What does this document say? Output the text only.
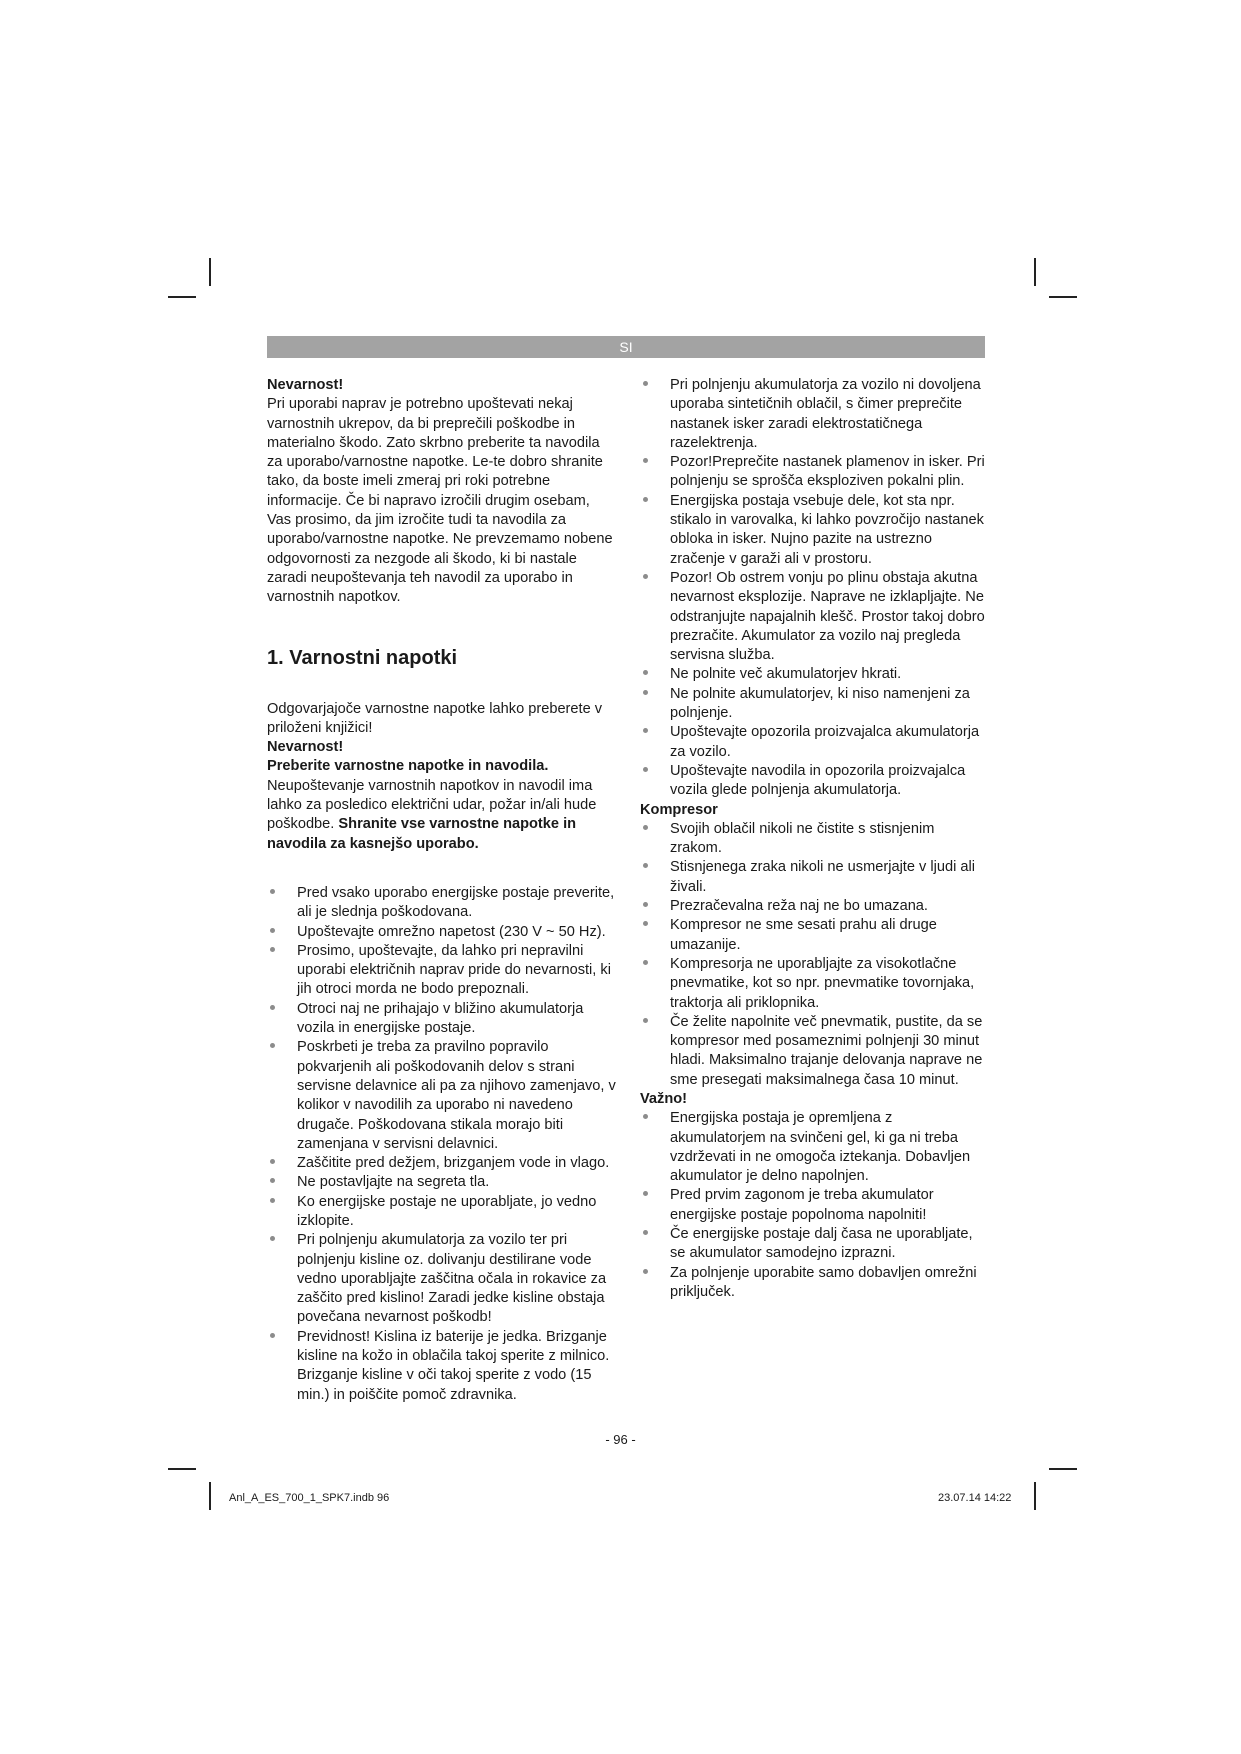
SI

Nevarnost!

Pri uporabi naprav je potrebno upoštevati nekaj varnostnih ukrepov, da bi preprečili poškodbe in materialno škodo. Zato skrbno preberite ta navodila za uporabo/varnostne napotke. Le-te dobro shranite tako, da boste imeli zmeraj pri roki potrebne informacije. Če bi napravo izročili drugim osebam, Vas prosimo, da jim izročite tudi ta navodila za uporabo/varnostne napotke. Ne prevzemamo nobene odgovornosti za nezgode ali škodo, ki bi nastale zaradi neupoštevanja teh navodil za uporabo in varnostnih napotkov.

1. Varnostni napotki

Odgovarjajoče varnostne napotke lahko preberete v priloženi knjižici!

Nevarnost!

Preberite varnostne napotke in navodila.

Neupoštevanje varnostnih napotkov in navodil ima lahko za posledico električni udar, požar in/ali hude poškodbe. Shranite vse varnostne napotke in navodila za kasnejšo uporabo.

Pred vsako uporabo energijske postaje preverite, ali je slednja poškodovana.
Upoštevajte omrežno napetost (230 V ~ 50 Hz).
Prosimo, upoštevajte, da lahko pri nepravilni uporabi električnih naprav pride do nevarnosti, ki jih otroci morda ne bodo prepoznali.
Otroci naj ne prihajajo v bližino akumulatorja vozila in energijske postaje.
Poskrbeti je treba za pravilno popravilo pokvarjenih ali poškodovanih delov s strani servisne delavnice ali pa za njihovo zamenjavo, v kolikor v navodilih za uporabo ni navedeno drugače. Poškodovana stikala morajo biti zamenjana v servisni delavnici.
Zaščitite pred dežjem, brizganjem vode in vlago.
Ne postavljajte na segreta tla.
Ko energijske postaje ne uporabljate, jo vedno izklopite.
Pri polnjenju akumulatorja za vozilo ter pri polnjenju kisline oz. dolivanju destilirane vode vedno uporabljajte zaščitna očala in rokavice za zaščito pred kislino! Zaradi jedke kisline obstaja povečana nevarnost poškodb!
Previdnost! Kislina iz baterije je jedka. Brizganje kisline na kožo in oblačila takoj sperite z milnico. Brizganje kisline v oči takoj sperite z vodo (15 min.) in poiščite pomoč zdravnika.
Pri polnjenju akumulatorja za vozilo ni dovoljena uporaba sintetičnih oblačil, s čimer preprečite nastanek isker zaradi elektrostatičnega razelektrenja.
Pozor!Preprečite nastanek plamenov in isker. Pri polnjenju se sprošča eksploziven pokalni plin.
Energijska postaja vsebuje dele, kot sta npr. stikalo in varovalka, ki lahko povzročijo nastanek obloka in isker. Nujno pazite na ustrezno zračenje v garaži ali v prostoru.
Pozor! Ob ostrem vonju po plinu obstaja akutna nevarnost eksplozije. Naprave ne izklapljajte. Ne odstranjujte napajalnih klešč. Prostor takoj dobro prezračite. Akumulator za vozilo naj pregleda servisna služba.
Ne polnite več akumulatorjev hkrati.
Ne polnite akumulatorjev, ki niso namenjeni za polnjenje.
Upoštevajte opozorila proizvajalca akumulatorja za vozilo.
Upoštevajte navodila in opozorila proizvajalca vozila glede polnjenja akumulatorja.

Kompresor

Svojih oblačil nikoli ne čistite s stisnjenim zrakom.
Stisnjenega zraka nikoli ne usmerjajte v ljudi ali živali.
Prezračevalna reža naj ne bo umazana.
Kompresor ne sme sesati prahu ali druge umazanije.
Kompresorja ne uporabljajte za visokotlačne pnevmatike, kot so npr. pnevmatike tovornjaka, traktorja ali priklopnika.
Če želite napolnite več pnevmatik, pustite, da se kompresor med posameznimi polnjenji 30 minut hladi. Maksimalno trajanje delovanja naprave ne sme presegati maksimalnega časa 10 minut.

Važno!

Energijska postaja je opremljena z akumulatorjem na svinčeni gel, ki ga ni treba vzdrževati in ne omogoča iztekanja. Dobavljen akumulator je delno napolnjen.
Pred prvim zagonom je treba akumulator energijske postaje popolnoma napolniti!
Če energijske postaje dalj časa ne uporabljate, se akumulator samodejno izprazni.
Za polnjenje uporabite samo dobavljen omrežni priključek.
- 96 -
Anl_A_ES_700_1_SPK7.indb 96	23.07.14 14:22
